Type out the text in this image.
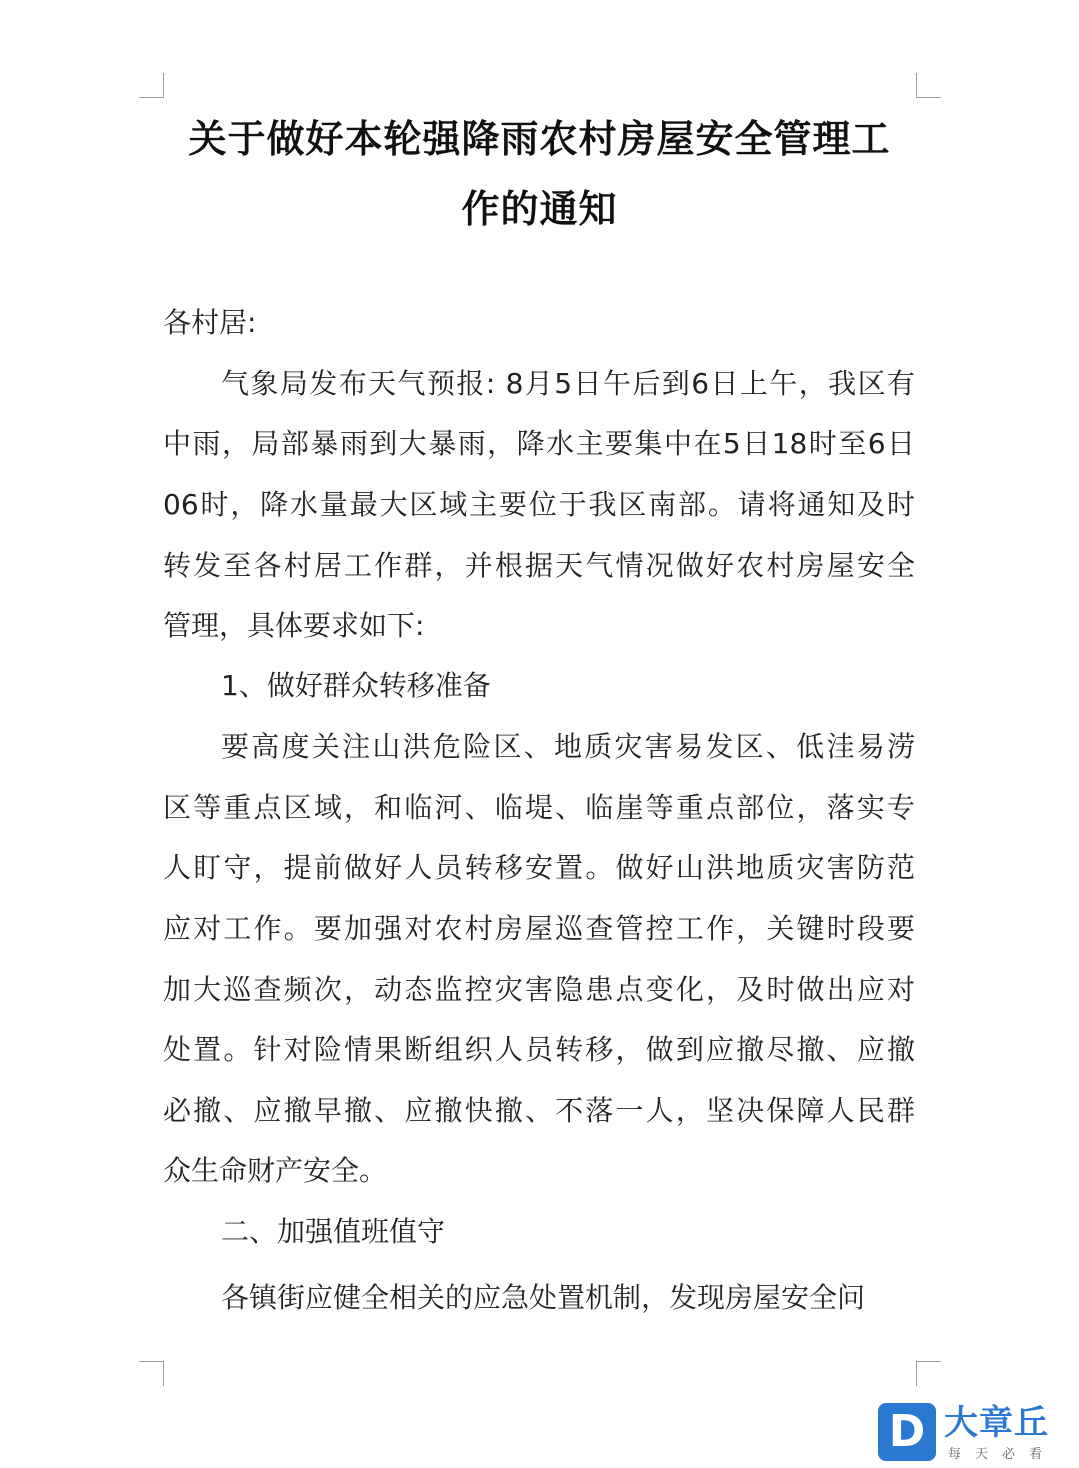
关于做好本轮强降雨农村房屋安全管理工
作的通知
各村居:
气象局发布天气预报: 8月5日午后到6日上午，我区有
中雨，局部暴雨到大暴雨，降水主要集中在5日18时至6日
06时，降水量最大区域主要位于我区南部。请将通知及时
转发至各村居工作群，并根据天气情况做好农村房屋安全
管理，具体要求如下:
1、做好群众转移准备
要高度关注山洪危险区、地质灾害易发区、低洼易涝
区等重点区域，和临河、临堤、临崖等重点部位，落实专
人盯守，提前做好人员转移安置。做好山洪地质灾害防范
应对工作。要加强对农村房屋巡查管控工作，关键时段要
加大巡查频次，动态监控灾害隐患点变化，及时做出应对
处置。针对险情果断组织人员转移，做到应撤尽撤、应撤
必撤、应撤早撤、应撤快撤、不落一人，坚决保障人民群
众生命财产安全。
二、加强值班值守
各镇街应健全相关的应急处置机制，发现房屋安全问
D 大章丘
每天必看
